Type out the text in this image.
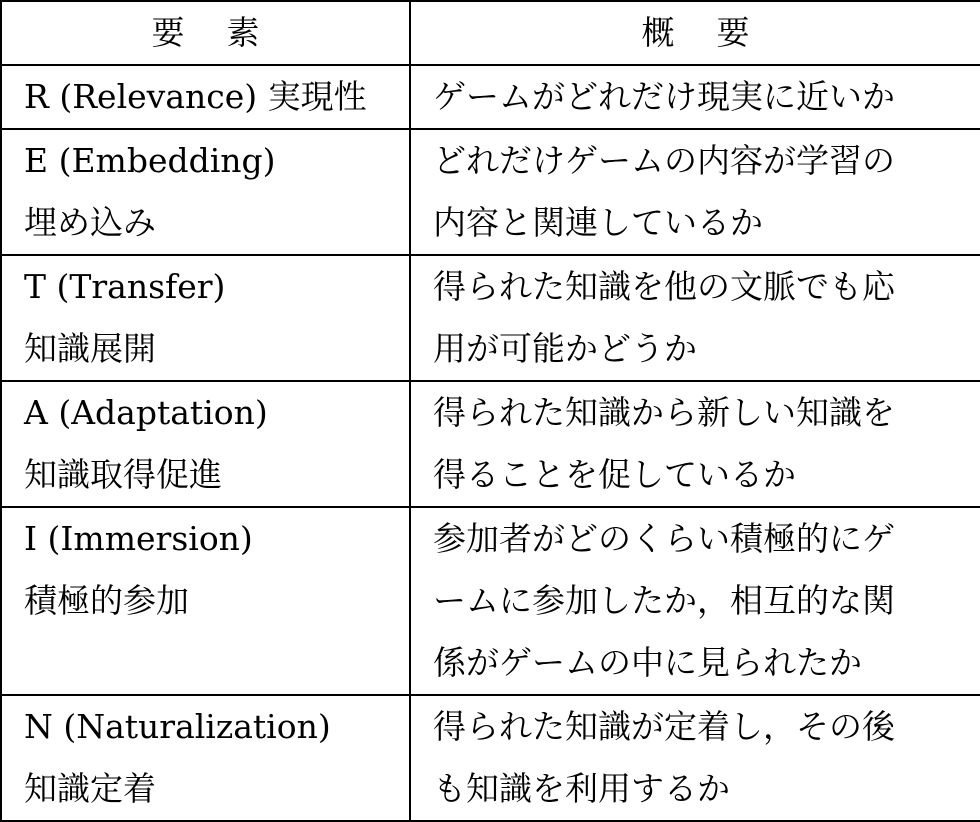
要 素	概 要

R (Relevance) 実現性	ゲームがどれだけ現実に近いか

E (Embedding)
埋め込み	どれだけゲームの内容が学習の
内容と関連しているか

T (Transfer)
知識展開	得られた知識を他の文脈でも応
用が可能かどうか

A (Adaptation)
知識取得促進	得られた知識から新しい知識を
得ることを促しているか

I (Immersion)
積極的参加	参加者がどのくらい積極的にゲ
ームに参加したか，相互的な関
係がゲームの中に見られたか

N (Naturalization)
知識定着	得られた知識が定着し，その後
も知識を利用するか
